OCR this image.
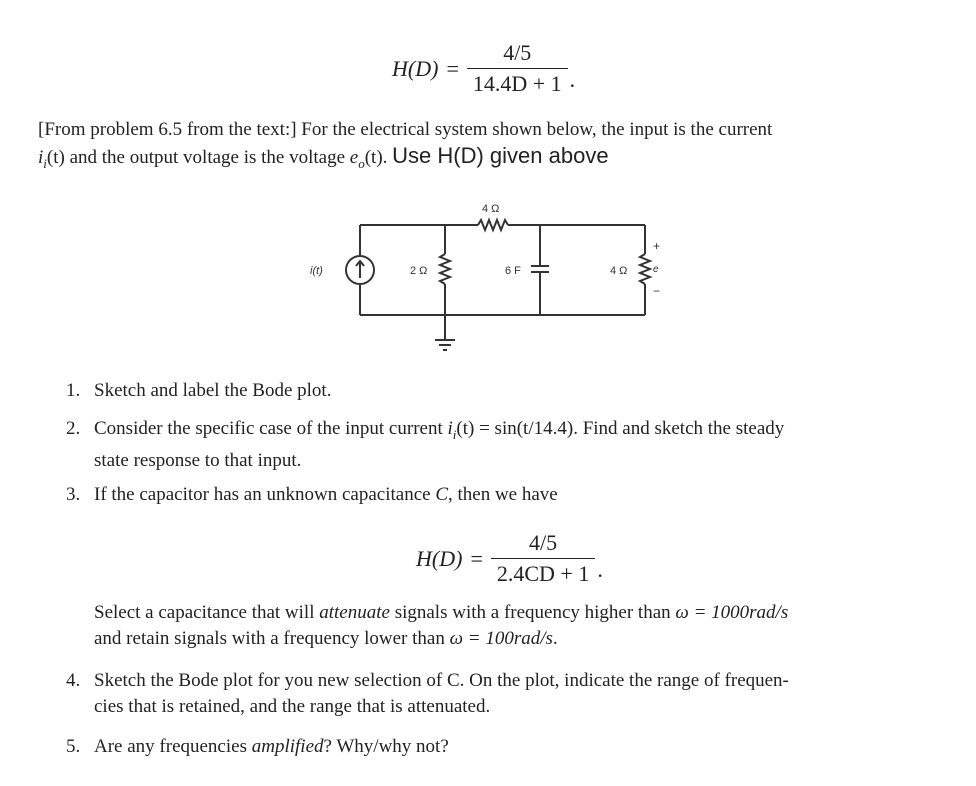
$H(D) = \frac{4/5}{14.4D + 1}$ .
[From problem 6.5 from the text:] For the electrical system shown below, the input is the current
$i_i(t)$ and the output voltage is the voltage $e_o(t)$. Use H(D) given above
i(t)	2 Ω
4 Ω
6 F	4 Ω	e
+
−
1. Sketch and label the Bode plot.
2. Consider the specific case of the input current $i_i(t) = \sin(t/14.4)$. Find and sketch the steady
state response to that input.
3. If the capacitor has an unknown capacitance C, then we have
$H(D) = \frac{4/5}{2.4CD + 1}$ .
Select a capacitance that will attenuate signals with a frequency higher than ω = 1000rad/s
and retain signals with a frequency lower than ω = 100rad/s.
4. Sketch the Bode plot for you new selection of C. On the plot, indicate the range of frequen-
cies that is retained, and the range that is attenuated.
5. Are any frequencies amplified? Why/why not?
